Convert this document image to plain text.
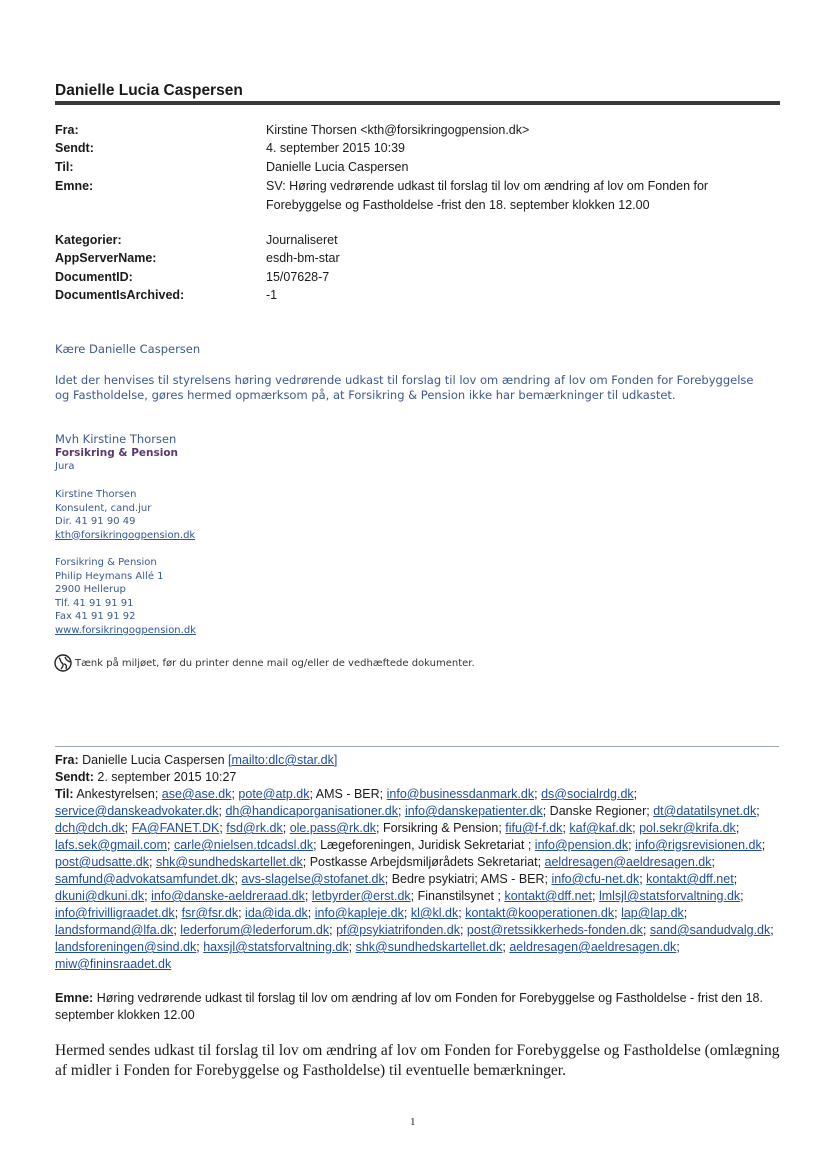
Danielle Lucia Caspersen
Fra:	Kirstine Thorsen <kth@forsikringogpension.dk>
Sendt:	4. september 2015 10:39
Til:	Danielle Lucia Caspersen
Emne:	SV: Høring vedrørende udkast til forslag til lov om ændring af lov om Fonden for
Forebyggelse og Fastholdelse -frist den 18. september klokken 12.00
Kategorier:	Journaliseret
AppServerName:	esdh-bm-star
DocumentID:	15/07628-7
DocumentIsArchived:	-1
Kære Danielle Caspersen
Idet der henvises til styrelsens høring vedrørende udkast til forslag til lov om ændring af lov om Fonden for Forebyggelse og Fastholdelse, gøres hermed opmærksom på, at Forsikring & Pension ikke har bemærkninger til udkastet.
Mvh Kirstine Thorsen
Forsikring & Pension
Jura
Kirstine Thorsen
Konsulent, cand.jur
Dir. 41 91 90 49
kth@forsikringogpension.dk
Forsikring & Pension
Philip Heymans Allé 1
2900 Hellerup
Tlf. 41 91 91 91
Fax 41 91 91 92
www.forsikringogpension.dk
Tænk på miljøet, før du printer denne mail og/eller de vedhæftede dokumenter.
Fra: Danielle Lucia Caspersen [mailto:dlc@star.dk]
Sendt: 2. september 2015 10:27
Til: Ankestyrelsen; ase@ase.dk; pote@atp.dk; AMS - BER; info@businessdanmark.dk; ds@socialrdg.dk; service@danskeadvokater.dk; dh@handicaporganisationer.dk; info@danskepatienter.dk; Danske Regioner; dt@datatilsynet.dk; dch@dch.dk; FA@FANET.DK; fsd@rk.dk; ole.pass@rk.dk; Forsikring & Pension; fifu@f-f.dk; kaf@kaf.dk; pol.sekr@krifa.dk; lafs.sek@gmail.com; carle@nielsen.tdcadsl.dk; Lægeforeningen, Juridisk Sekretariat ; info@pension.dk; info@rigsrevisionen.dk; post@udsatte.dk; shk@sundhedskartellet.dk; Postkasse Arbejdsmiljørådets Sekretariat; aeldresagen@aeldresagen.dk; samfund@advokatsamfundet.dk; avs-slagelse@stofanet.dk; Bedre psykiatri; AMS - BER; info@cfu-net.dk; kontakt@dff.net; dkuni@dkuni.dk; info@danske-aeldreraad.dk; letbyrder@erst.dk; Finanstilsynet ; kontakt@dff.net; lmlsjl@statsforvaltning.dk; info@frivilligraadet.dk; fsr@fsr.dk; ida@ida.dk; info@kapleje.dk; kl@kl.dk; kontakt@kooperationen.dk; lap@lap.dk; landsformand@lfa.dk; lederforum@lederforum.dk; pf@psykiatrifonden.dk; post@retssikkerheds-fonden.dk; sand@sandudvalg.dk; landsforeningen@sind.dk; haxsjl@statsforvaltning.dk; shk@sundhedskartellet.dk; aeldresagen@aeldresagen.dk; miw@fininsraadet.dk
Emne: Høring vedrørende udkast til forslag til lov om ændring af lov om Fonden for Forebyggelse og Fastholdelse - frist den 18. september klokken 12.00
Hermed sendes udkast til forslag til lov om ændring af lov om Fonden for Forebyggelse og Fastholdelse (omlægning af midler i Fonden for Forebyggelse og Fastholdelse) til eventuelle bemærkninger.
1
